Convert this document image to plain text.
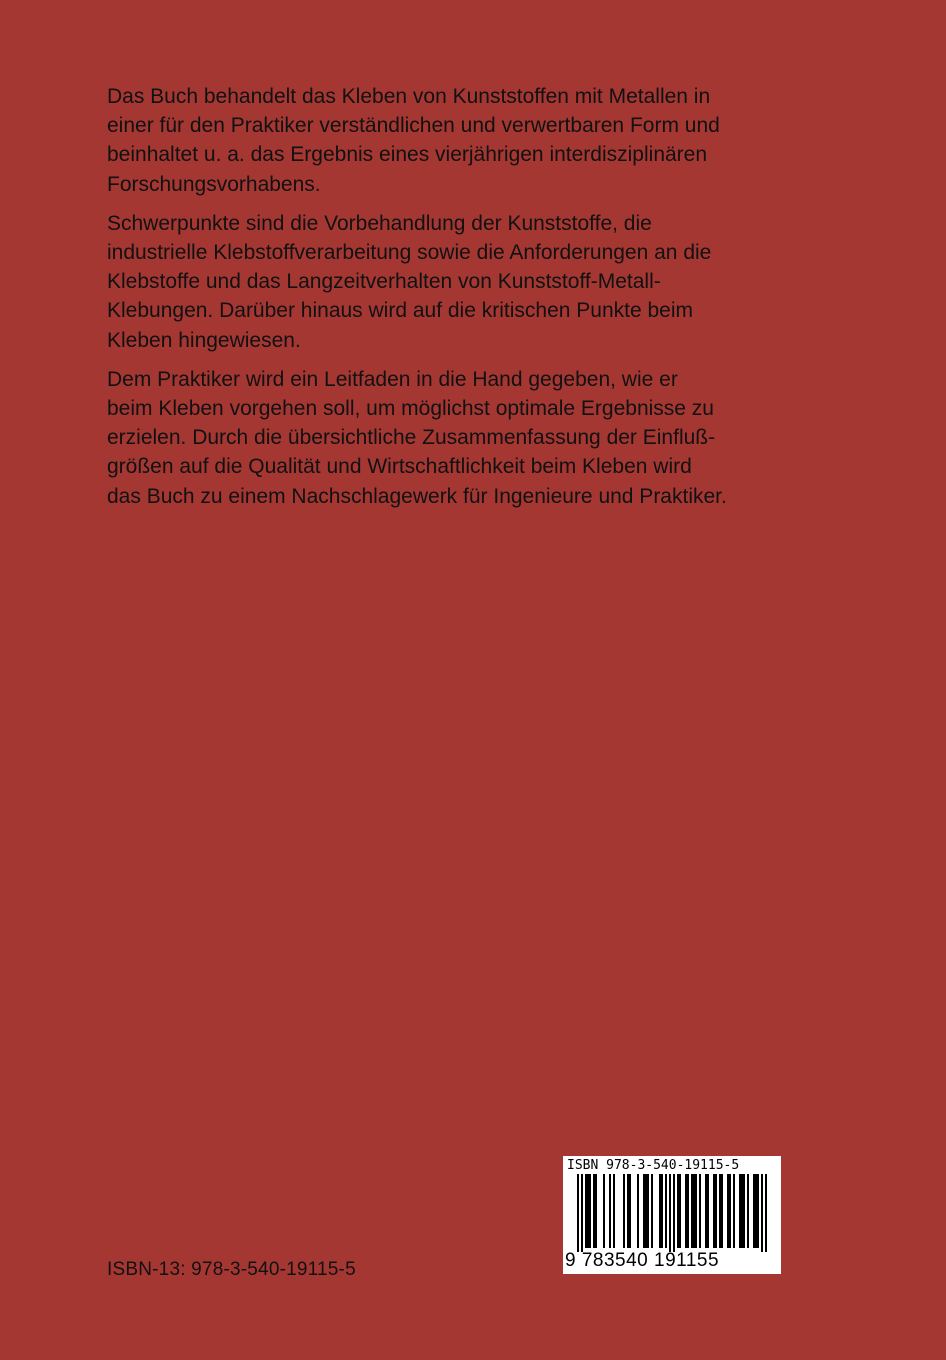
Das Buch behandelt das Kleben von Kunststoffen mit Metallen in
einer für den Praktiker verständlichen und verwertbaren Form und
beinhaltet u. a. das Ergebnis eines vierjährigen interdisziplinären
Forschungsvorhabens.

Schwerpunkte sind die Vorbehandlung der Kunststoffe, die
industrielle Klebstoffverarbeitung sowie die Anforderungen an die
Klebstoffe und das Langzeitverhalten von Kunststoff-Metall-
Klebungen. Darüber hinaus wird auf die kritischen Punkte beim
Kleben hingewiesen.

Dem Praktiker wird ein Leitfaden in die Hand gegeben, wie er
beim Kleben vorgehen soll, um möglichst optimale Ergebnisse zu
erzielen. Durch die übersichtliche Zusammenfassung der Einfluß-
größen auf die Qualität und Wirtschaftlichkeit beim Kleben wird
das Buch zu einem Nachschlagewerk für Ingenieure und Praktiker.

ISBN-13: 978-3-540-19115-5
ISBN 978-3-540-19115-5
9 783540 191155
